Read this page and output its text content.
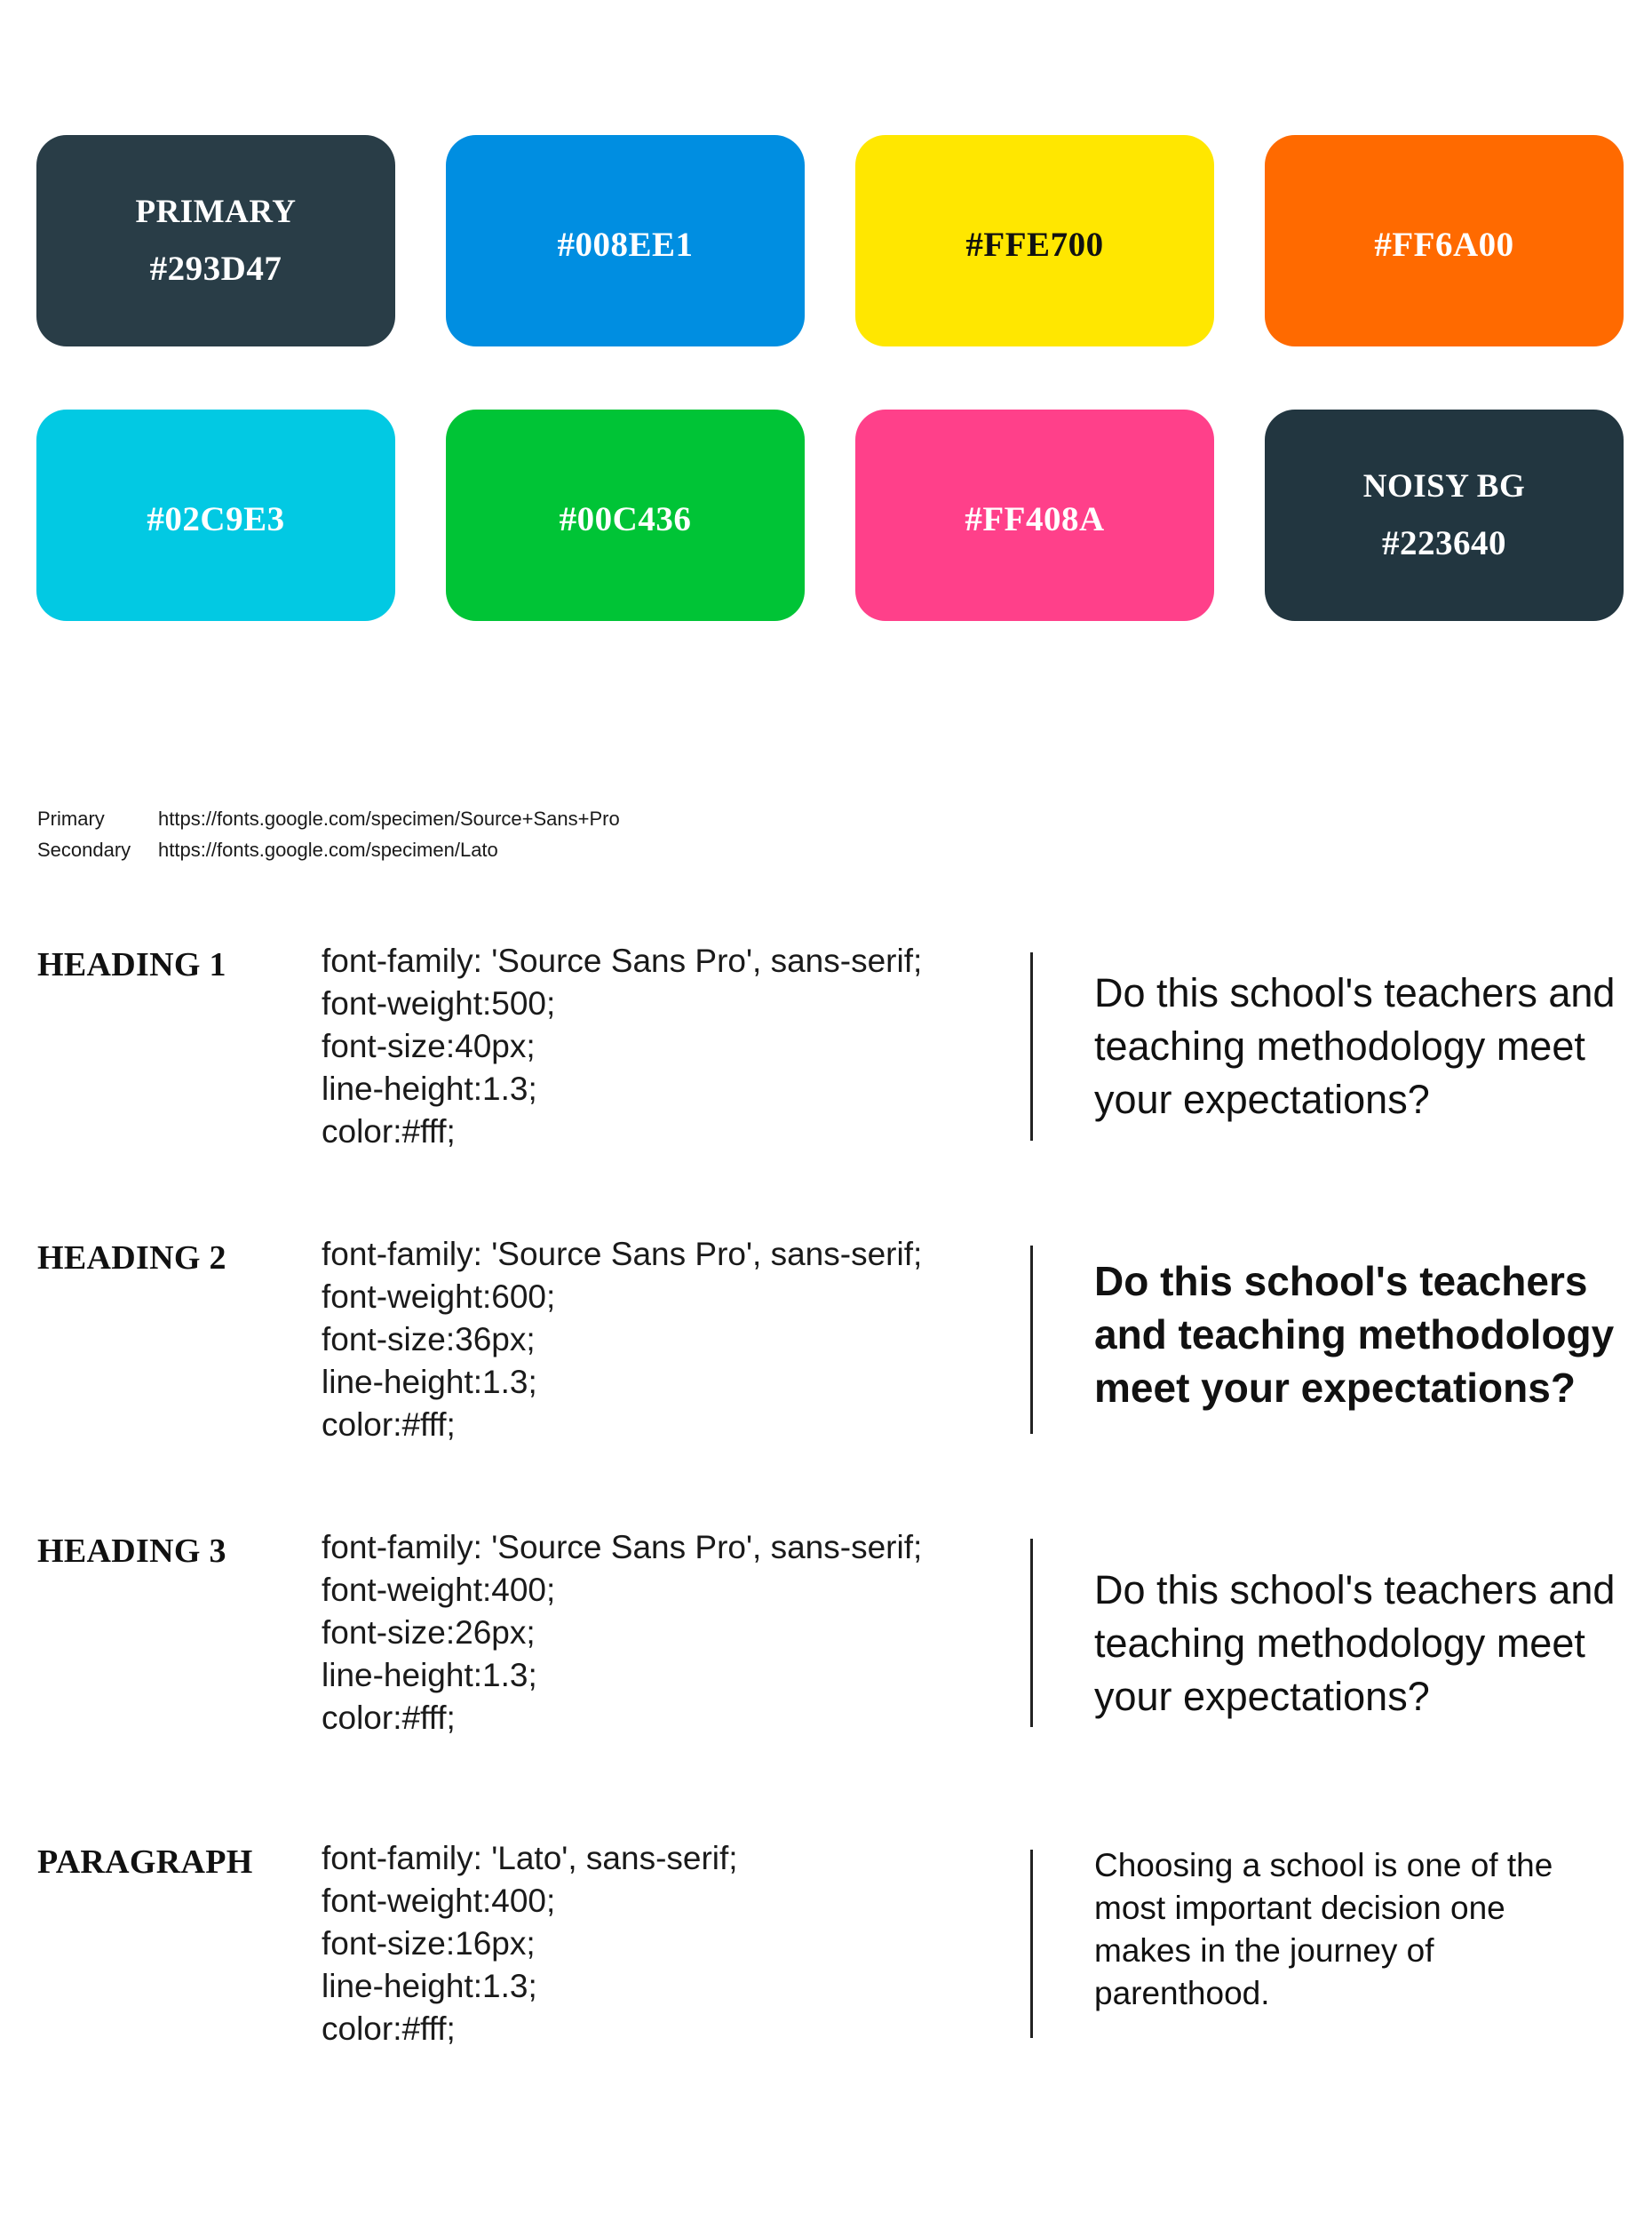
PRIMARY
#293D47
#008EE1	#FFE700	#FF6A00
#02C9E3	#00C436	#FF408A
NOISY BG
#223640
Primary	https://fonts.google.com/specimen/Source+Sans+Pro
Secondary	https://fonts.google.com/specimen/Lato
HEADING 1	font-family: 'Source Sans Pro', sans-serif;
font-weight:500;
font-size:40px;
line-height:1.3;
color:#fff;
Do this school's teachers and teaching methodology meet your expectations?
HEADING 2	font-family: 'Source Sans Pro', sans-serif;
font-weight:600;
font-size:36px;
line-height:1.3;
color:#fff;
Do this school's teachers and teaching methodology meet your expectations?
HEADING 3	font-family: 'Source Sans Pro', sans-serif;
font-weight:400;
font-size:26px;
line-height:1.3;
color:#fff;
Do this school's teachers and teaching methodology meet your expectations?
PARAGRAPH font-family: 'Lato', sans-serif;
font-weight:400;
font-size:16px;
line-height:1.3;
color:#fff;
Choosing a school is one of the most important decision one makes in the journey of parenthood.
